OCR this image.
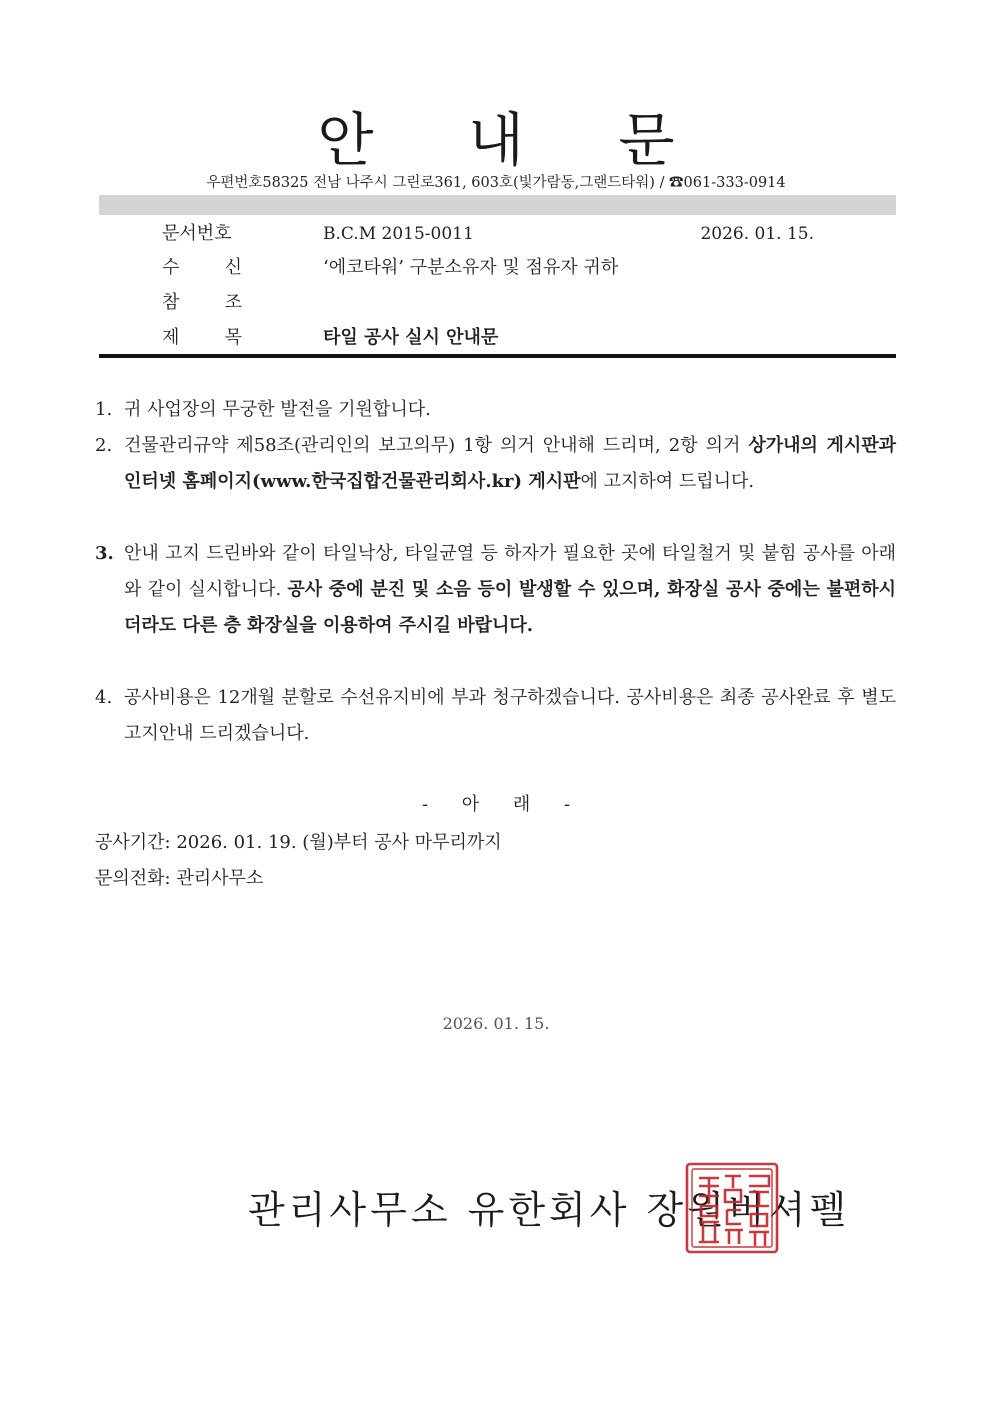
안 내 문
우편번호58325 전남 나주시 그린로361, 603호(빛가람동,그랜드타워) / ☎061-333-0914
문서번호	B.C.M 2015-0011	2026. 01. 15.
수	신	‘에코타워’ 구분소유자 및 점유자 귀하
참	조
제	목	타일 공사 실시 안내문
1. 귀 사업장의 무궁한 발전을 기원합니다.
2. 건물관리규약 제58조(관리인의 보고의무) 1항 의거 안내해 드리며, 2항 의거 상가내의 게시판과 인터넷 홈페이지(www.한국집합건물관리회사.kr) 게시판에 고지하여 드립니다.
3. 안내 고지 드린바와 같이 타일낙상, 타일균열 등 하자가 필요한 곳에 타일철거 및 붙힘 공사를 아래와 같이 실시합니다. 공사 중에 분진 및 소음 등이 발생할 수 있으며, 화장실 공사 중에는 불편하시더라도 다른 층 화장실을 이용하여 주시길 바랍니다.
4. 공사비용은 12개월 분할로 수선유지비에 부과 청구하겠습니다. 공사비용은 최종 공사완료 후 별도 고지안내 드리겠습니다.
- 아 래 -
공사기간: 2026. 01. 19. (월)부터 공사 마무리까지
문의전화: 관리사무소
2026. 01. 15.
관리사무소 유한회사 장원비셔펠
